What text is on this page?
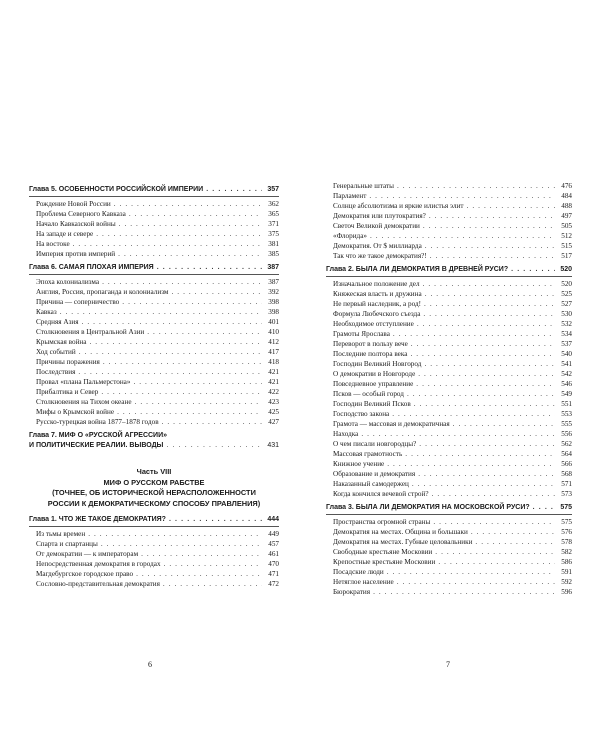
Глава 5. ОСОБЕННОСТИ РОССИЙСКОЙ ИМПЕРИИ . . .	357
Рождение Новой России . . .	362
Проблема Северного Кавказа . . .	365
Начало Кавказской войны . . .	371
На западе и севере . . .	375
На востоке . . .	381
Империя против империй . . .	385
Глава 6. САМАЯ ПЛОХАЯ ИМПЕРИЯ . . .	387
Эпоха колониализма . . .	387
Англия, Россия, пропаганда и колониализм . . .	392
Причина — соперничество . . .	398
Кавказ . . .	398
Средняя Азия . . .	401
Столкновения в Центральной Азии . . .	410
Крымская война . . .	412
Ход событий . . .	417
Причины поражения . . .	418
Последствия . . .	421
Провал «плана Пальмерстона» . . .	421
Прибалтика и Север . . .	422
Столкновения на Тихом океане . . .	423
Мифы о Крымской войне . . .	425
Русско-турецкая война 1877–1878 годов . . .	427
Глава 7. МИФ О «РУССКОЙ АГРЕССИИ»
И ПОЛИТИЧЕСКИЕ РЕАЛИИ. ВЫВОДЫ . . .	431
Часть VIII
МИФ О РУССКОМ РАБСТВЕ
(ТОЧНЕЕ, ОБ ИСТОРИЧЕСКОЙ НЕРАСПОЛОЖЕННОСТИ
РОССИИ К ДЕМОКРАТИЧЕСКОМУ СПОСОБУ ПРАВЛЕНИЯ)
Глава 1. ЧТО ЖЕ ТАКОЕ ДЕМОКРАТИЯ? . . .	444
Из тьмы времен . . .	449
Спарта и спартанцы . . .	457
От демократии — к императорам . . .	461
Непосредственная демократия в городах . . .	470
Магдебургское городское право . . .	471
Сословно-представительная демократия . . .	472
Генеральные штаты . . .	476
Парламент . . .	484
Солнце абсолютизма и яркие илистья элит . . .	488
Демократия или плутократия? . . .	497
Светоч Великой демократии . . .	505
«Флорида» . . .	512
Демократия. От $ миллиарда . . .	515
Так что же такое демократия?! . . .	517
Глава 2. БЫЛА ЛИ ДЕМОКРАТИЯ В ДРЕВНЕЙ РУСИ? . . .	520
Изначальное положение дел . . .	520
Княжеская власть и дружина . . .	525
Не первый наследник, а род! . . .	527
Формула Любечского съезда . . .	530
Необходимое отступление . . .	532
Грамоты Ярослава . . .	534
Переворот в пользу вече . . .	537
Последние полтора века . . .	540
Господин Великий Новгород . . .	541
О демократии в Новгороде . . .	542
Повседневное управление . . .	546
Псков — особый город . . .	549
Господин Великий Псков . . .	551
Господство закона . . .	553
Грамота — массовая и демократичная . . .	555
Находка . . .	556
О чем писали новгородцы? . . .	562
Массовая грамотность . . .	564
Книжное учение . . .	566
Образование и демократия . . .	568
Наказанный самодержец . . .	571
Когда кончился вечевой строй? . . .	573
Глава 3. БЫЛА ЛИ ДЕМОКРАТИЯ НА МОСКОВСКОЙ РУСИ? . . .	575
Пространства огромной страны . . .	575
Демократия на местах. Община и большаки . . .	576
Демократия на местах. Губные целовальники . . .	578
Свободные крестьяне Московии . . .	582
Крепостные крестьяне Московии . . .	586
Посадские люди . . .	591
Нетяглое население . . .	592
Бюрократия . . .	596
6	7
